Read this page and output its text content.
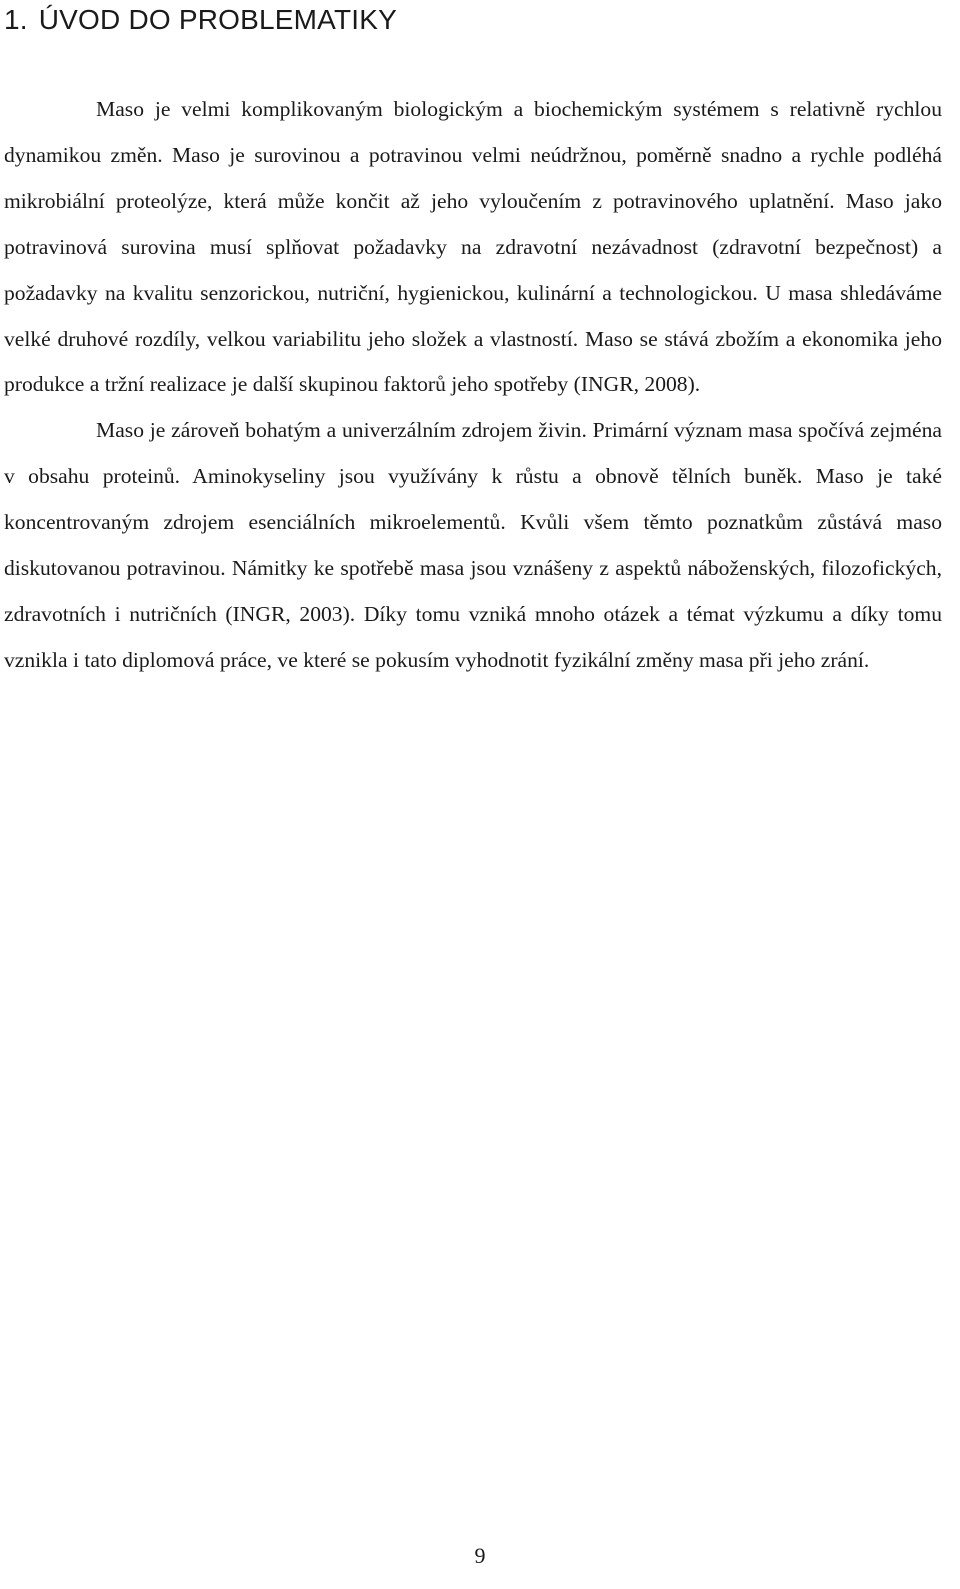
1. ÚVOD DO PROBLEMATIKY

Maso je velmi komplikovaným biologickým a biochemickým systémem s relativně rychlou dynamikou změn. Maso je surovinou a potravinou velmi neúdržnou, poměrně snadno a rychle podléhá mikrobiální proteolýze, která může končit až jeho vyloučením z potravinového uplatnění. Maso jako potravinová surovina musí splňovat požadavky na zdravotní nezávadnost (zdravotní bezpečnost) a požadavky na kvalitu senzorickou, nutriční, hygienickou, kulinární a technologickou. U masa shledáváme velké druhové rozdíly, velkou variabilitu jeho složek a vlastností. Maso se stává zbožím a ekonomika jeho produkce a tržní realizace je další skupinou faktorů jeho spotřeby (INGR, 2008).

Maso je zároveň bohatým a univerzálním zdrojem živin. Primární význam masa spočívá zejména v obsahu proteinů. Aminokyseliny jsou využívány k růstu a obnově tělních buněk. Maso je také koncentrovaným zdrojem esenciálních mikroelementů. Kvůli všem těmto poznatkům zůstává maso diskutovanou potravinou. Námitky ke spotřebě masa jsou vznášeny z aspektů náboženských, filozofických, zdravotních i nutričních (INGR, 2003). Díky tomu vzniká mnoho otázek a témat výzkumu a díky tomu vznikla i tato diplomová práce, ve které se pokusím vyhodnotit fyzikální změny masa při jeho zrání.

9
